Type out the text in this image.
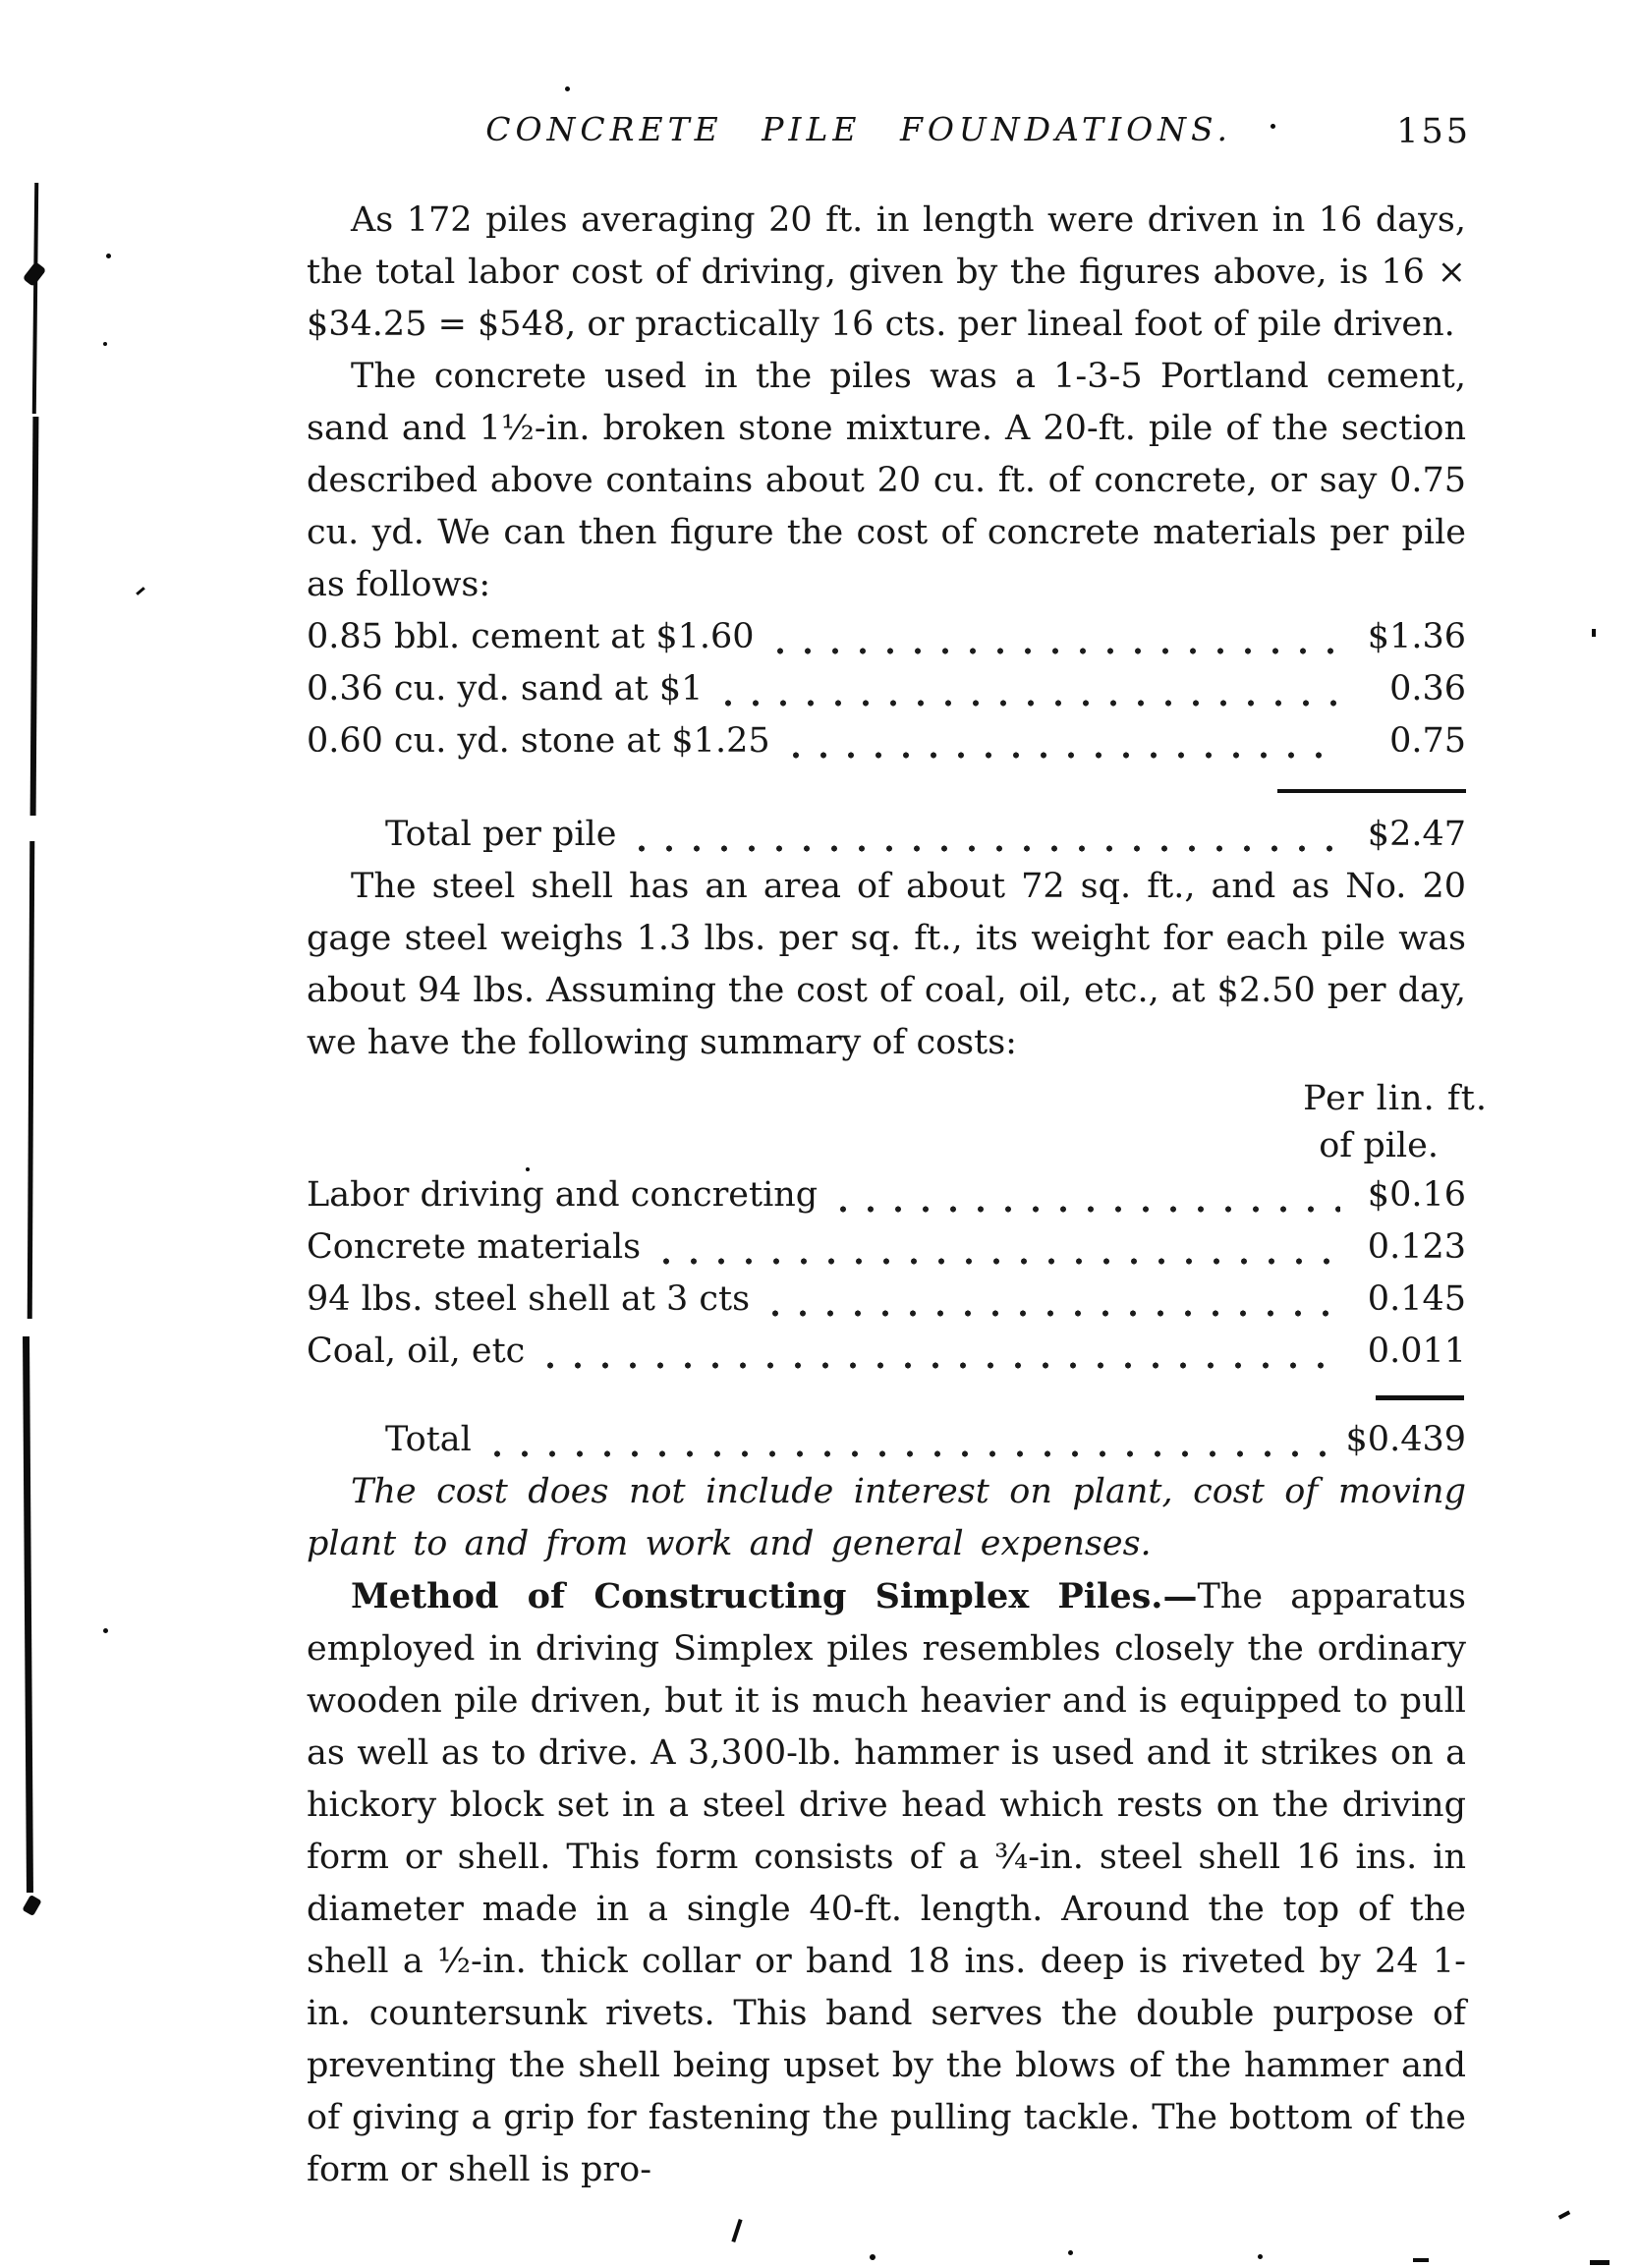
CONCRETE PILE FOUNDATIONS.	155

As 172 piles averaging 20 ft. in length were driven in 16 days, the total labor cost of driving, given by the figures above, is 16 × $34.25 = $548, or practically 16 cts. per lineal foot of pile driven.

The concrete used in the piles was a 1-3-5 Portland cement, sand and 1½-in. broken stone mixture. A 20-ft. pile of the section described above contains about 20 cu. ft. of concrete, or say 0.75 cu. yd. We can then figure the cost of concrete materials per pile as follows:

0.85 bbl. cement at $1.60	$1.36
0.36 cu. yd. sand at $1	0.36
0.60 cu. yd. stone at $1.25	0.75
Total per pile	$2.47

The steel shell has an area of about 72 sq. ft., and as No. 20 gage steel weighs 1.3 lbs. per sq. ft., its weight for each pile was about 94 lbs. Assuming the cost of coal, oil, etc., at $2.50 per day, we have the following summary of costs:

Per lin. ft.
of pile.
Labor driving and concreting	$0.16
Concrete materials	0.123
94 lbs. steel shell at 3 cts	0.145
Coal, oil, etc	0.011
Total	$0.439

The cost does not include interest on plant, cost of moving plant to and from work and general expenses.

Method of Constructing Simplex Piles.—The apparatus employed in driving Simplex piles resembles closely the ordinary wooden pile driven, but it is much heavier and is equipped to pull as well as to drive. A 3,300-lb. hammer is used and it strikes on a hickory block set in a steel drive head which rests on the driving form or shell. This form consists of a ¾-in. steel shell 16 ins. in diameter made in a single 40-ft. length. Around the top of the shell a ½-in. thick collar or band 18 ins. deep is riveted by 24 1-in. countersunk rivets. This band serves the double purpose of preventing the shell being upset by the blows of the hammer and of giving a grip for fastening the pulling tackle. The bottom of the form or shell is pro-
